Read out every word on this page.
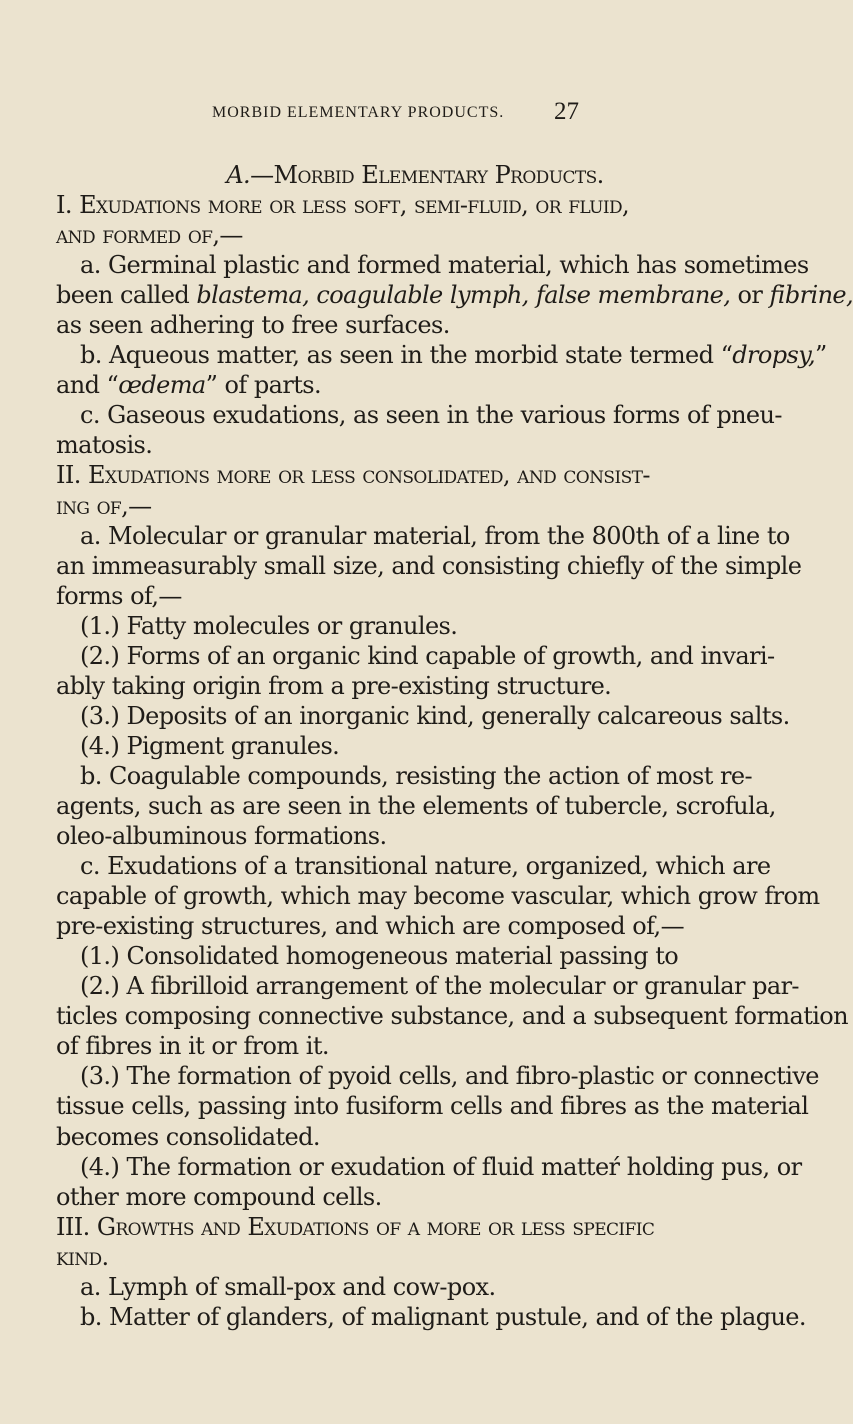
MORBID ELEMENTARY PRODUCTS. 27
A.—Morbid Elementary Products.
I. Exudations more or less soft, semi-fluid, or fluid,
and formed of,—
a. Germinal plastic and formed material, which has sometimes
been called blastema, coagulable lymph, false membrane, or fibrine,
as seen adhering to free surfaces.
b. Aqueous matter, as seen in the morbid state termed “dropsy,”
and “œdema” of parts.
c. Gaseous exudations, as seen in the various forms of pneu-
matosis.
II. Exudations more or less consolidated, and consist-
ing of,—
a. Molecular or granular material, from the 800th of a line to
an immeasurably small size, and consisting chiefly of the simple
forms of,—
(1.) Fatty molecules or granules.
(2.) Forms of an organic kind capable of growth, and invari-
ably taking origin from a pre-existing structure.
(3.) Deposits of an inorganic kind, generally calcareous salts.
(4.) Pigment granules.
b. Coagulable compounds, resisting the action of most re-
agents, such as are seen in the elements of tubercle, scrofula,
oleo-albuminous formations.
c. Exudations of a transitional nature, organized, which are
capable of growth, which may become vascular, which grow from
pre-existing structures, and which are composed of,—
(1.) Consolidated homogeneous material passing to
(2.) A fibrilloid arrangement of the molecular or granular par-
ticles composing connective substance, and a subsequent formation
of fibres in it or from it.
(3.) The formation of pyoid cells, and fibro-plastic or connective
tissue cells, passing into fusiform cells and fibres as the material
becomes consolidated.
(4.) The formation or exudation of fluid matteŕ holding pus, or
other more compound cells.
III. Growths and Exudations of a more or less specific
kind.
a. Lymph of small-pox and cow-pox.
b. Matter of glanders, of malignant pustule, and of the plague.
